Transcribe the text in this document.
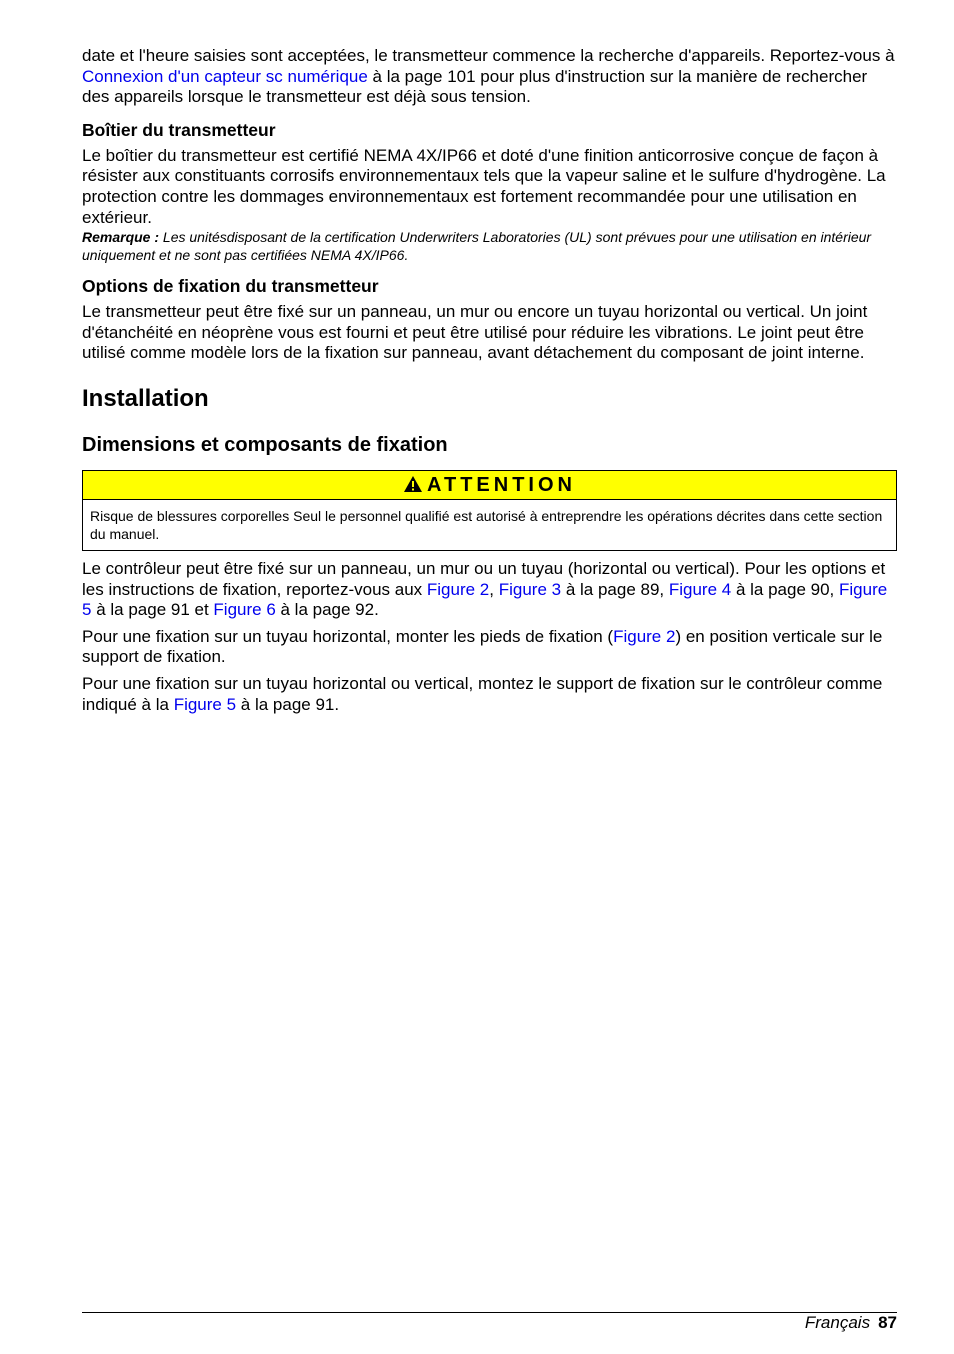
date et l'heure saisies sont acceptées, le transmetteur commence la recherche d'appareils. Reportez-vous à Connexion d'un capteur sc numérique à la page 101 pour plus d'instruction sur la manière de rechercher des appareils lorsque le transmetteur est déjà sous tension.

Boîtier du transmetteur

Le boîtier du transmetteur est certifié NEMA 4X/IP66 et doté d'une finition anticorrosive conçue de façon à résister aux constituants corrosifs environnementaux tels que la vapeur saline et le sulfure d'hydrogène. La protection contre les dommages environnementaux est fortement recommandée pour une utilisation en extérieur.

Remarque : Les unitésdisposant de la certification Underwriters Laboratories (UL) sont prévues pour une utilisation en intérieur uniquement et ne sont pas certifiées NEMA 4X/IP66.

Options de fixation du transmetteur

Le transmetteur peut être fixé sur un panneau, un mur ou encore un tuyau horizontal ou vertical. Un joint d'étanchéité en néoprène vous est fourni et peut être utilisé pour réduire les vibrations. Le joint peut être utilisé comme modèle lors de la fixation sur panneau, avant détachement du composant de joint interne.

Installation
Dimensions et composants de fixation
ATTENTION
Risque de blessures corporelles Seul le personnel qualifié est autorisé à entreprendre les opérations décrites dans cette section du manuel.

Le contrôleur peut être fixé sur un panneau, un mur ou un tuyau (horizontal ou vertical). Pour les options et les instructions de fixation, reportez-vous aux Figure 2, Figure 3 à la page 89, Figure 4 à la page 90, Figure 5 à la page 91 et Figure 6 à la page 92.

Pour une fixation sur un tuyau horizontal, monter les pieds de fixation (Figure 2) en position verticale sur le support de fixation.

Pour une fixation sur un tuyau horizontal ou vertical, montez le support de fixation sur le contrôleur comme indiqué à la Figure 5 à la page 91.

Français 87
